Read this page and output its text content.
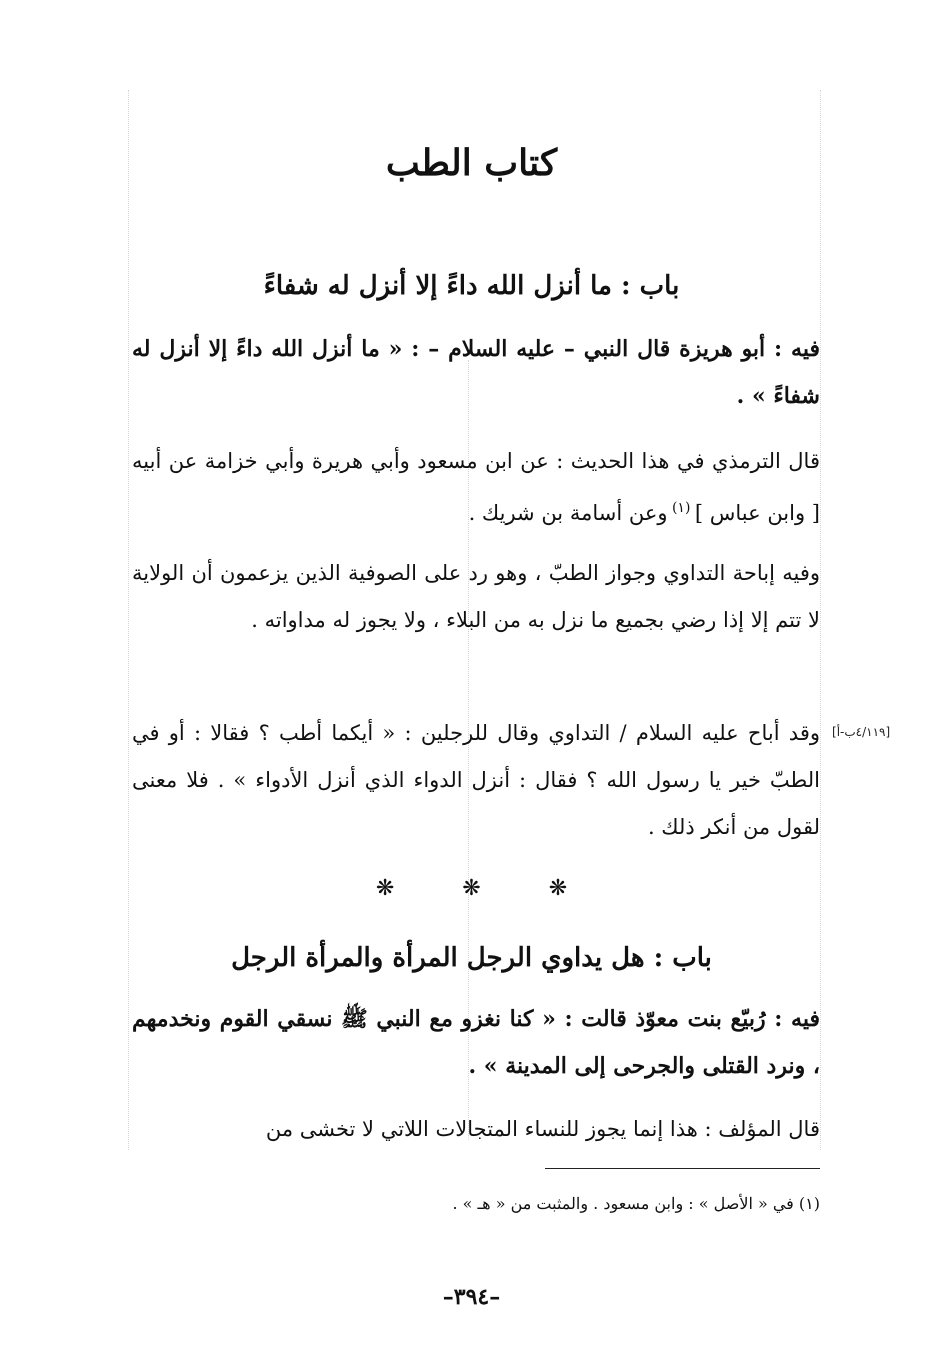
كتاب الطب
باب : ما أنزل الله داءً إلا أنزل له شفاءً
فيه : أبو هريزة قال النبي – عليه السلام – : « ما أنزل الله داءً إلا أنزل له شفاءً » .
قال الترمذي في هذا الحديث : عن ابن مسعود وأبي هريرة وأبي خزامة عن أبيه [ وابن عباس ] $^{(١)}$ وعن أسامة بن شريك .
وفيه إباحة التداوي وجواز الطبّ ، وهو رد على الصوفية الذين يزعمون أن الولاية لا تتم إلا إذا رضي بجميع ما نزل به من البلاء ، ولا يجوز له مداواته .
وقد أباح عليه السلام / التداوي وقال للرجلين : « أيكما أطب ؟ فقالا : أو في الطبّ خير يا رسول الله ؟ فقال : أنزل الدواء الذي أنزل الأدواء » . فلا معنى لقول من أنكر ذلك .
[٤/١١٩ب-أ]
❋	❋	❋
باب : هل يداوي الرجل المرأة والمرأة الرجل
فيه : رُبيّع بنت معوّذ قالت : « كنا نغزو مع النبي ﷺ نسقي القوم ونخدمهم ، ونرد القتلى والجرحى إلى المدينة » .
قال المؤلف : هذا إنما يجوز للنساء المتجالات اللاتي لا تخشى من
(١) في « الأصل » : وابن مسعود . والمثبت من « هـ » .
–٣٩٤–
